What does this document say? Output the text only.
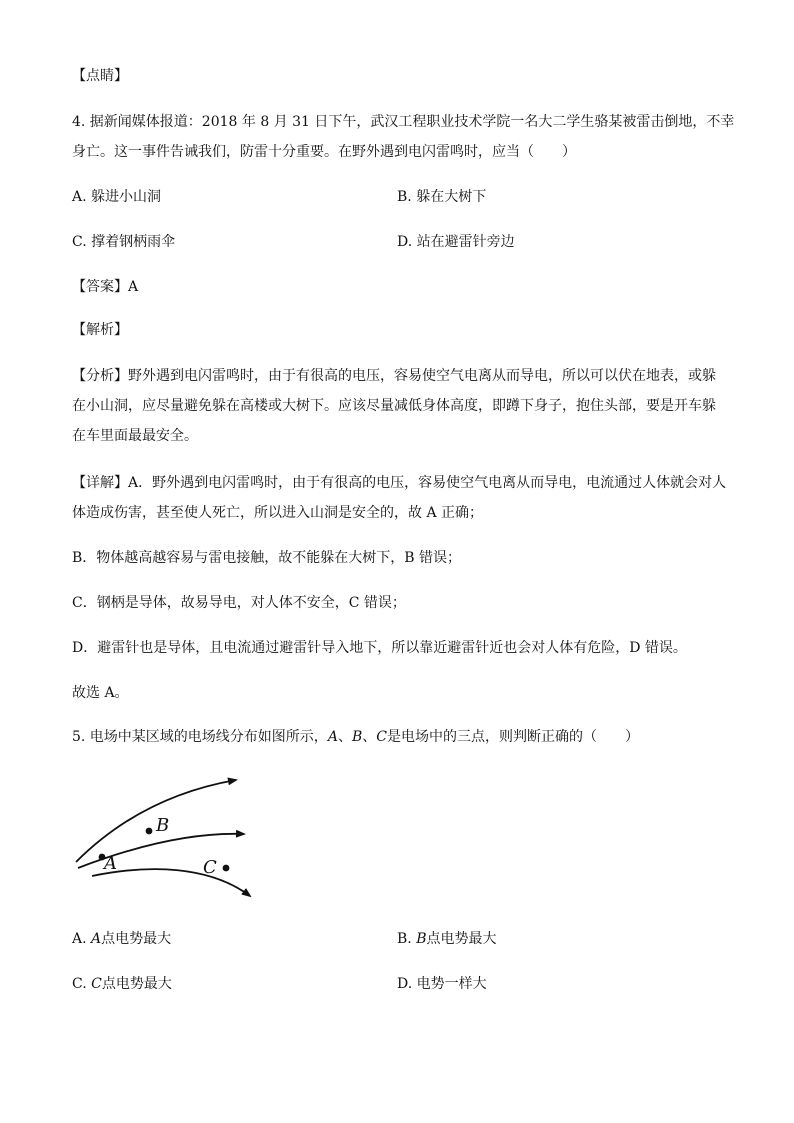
【点睛】
4. 据新闻媒体报道：2018 年 8 月 31 日下午，武汉工程职业技术学院一名大二学生骆某被雷击倒地，不幸
身亡。这一事件告诫我们，防雷十分重要。在野外遇到电闪雷鸣时，应当（　　）
A. 躲进小山洞	B. 躲在大树下
C. 撑着钢柄雨伞	D. 站在避雷针旁边
【答案】A
【解析】
【分析】野外遇到电闪雷鸣时，由于有很高的电压，容易使空气电离从而导电，所以可以伏在地表，或躲
在小山洞，应尽量避免躲在高楼或大树下。应该尽量减低身体高度，即蹲下身子，抱住头部，要是开车躲
在车里面最最安全。
【详解】A．野外遇到电闪雷鸣时，由于有很高的电压，容易使空气电离从而导电，电流通过人体就会对人
体造成伤害，甚至使人死亡，所以进入山洞是安全的，故 A 正确；
B．物体越高越容易与雷电接触，故不能躲在大树下，B 错误；
C．钢柄是导体，故易导电，对人体不安全，C 错误；
D．避雷针也是导体，且电流通过避雷针导入地下，所以靠近避雷针近也会对人体有危险，D 错误。
故选 A。
5. 电场中某区域的电场线分布如图所示，A、B、C是电场中的三点，则判断正确的（　　）
A
B
C
A. A点电势最大	B. B点电势最大
C. C点电势最大	D. 电势一样大
